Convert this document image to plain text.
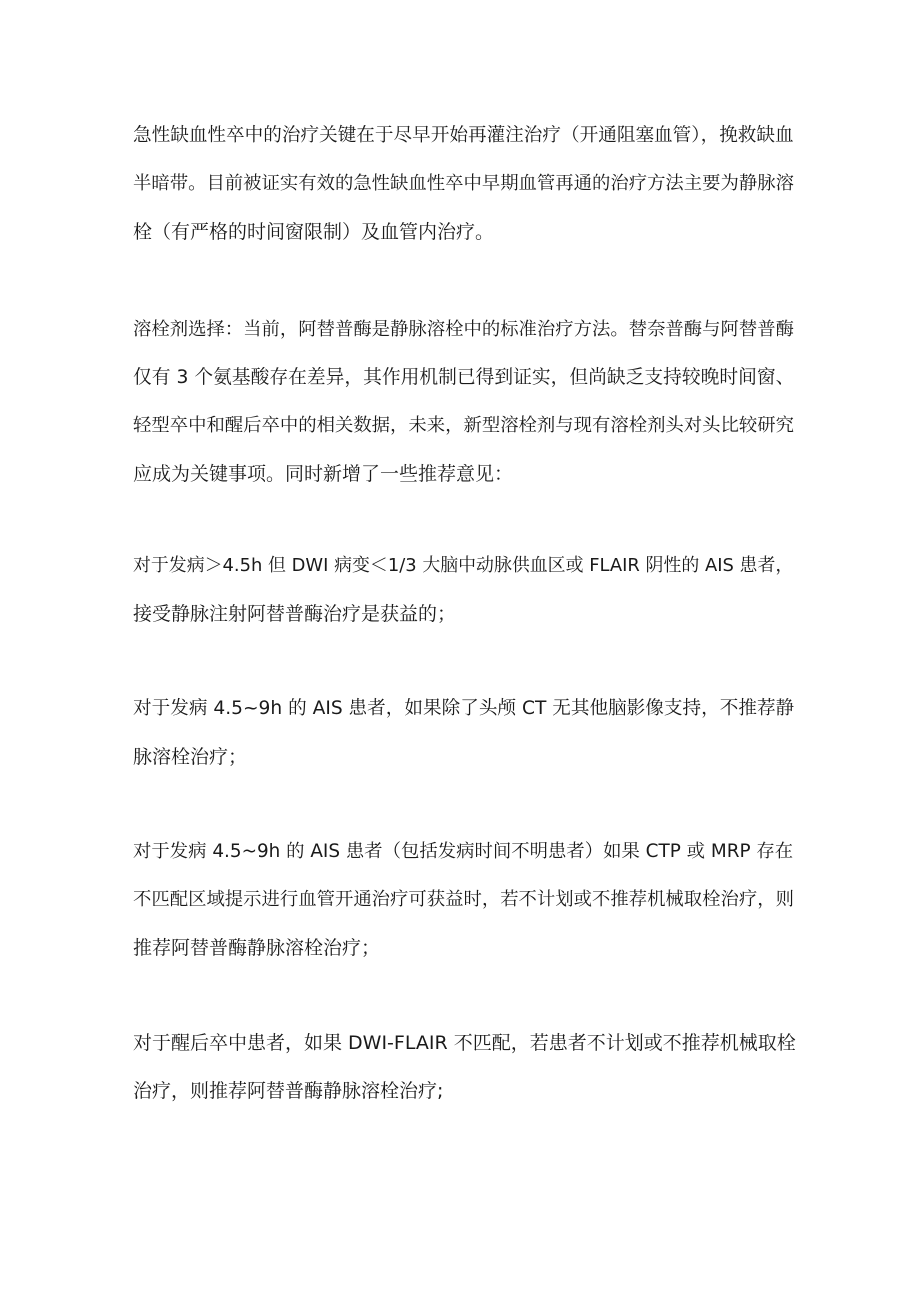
急性缺血性卒中的治疗关键在于尽早开始再灌注治疗（开通阻塞血管），挽救缺血
半暗带。目前被证实有效的急性缺血性卒中早期血管再通的治疗方法主要为静脉溶
栓（有严格的时间窗限制）及血管内治疗。
溶栓剂选择：当前，阿替普酶是静脉溶栓中的标准治疗方法。替奈普酶与阿替普酶
仅有 3 个氨基酸存在差异，其作用机制已得到证实，但尚缺乏支持较晚时间窗、
轻型卒中和醒后卒中的相关数据，未来，新型溶栓剂与现有溶栓剂头对头比较研究
应成为关键事项。同时新增了一些推荐意见：
对于发病＞4.5h 但 DWI 病变＜1/3 大脑中动脉供血区或 FLAIR 阴性的 AIS 患者，
接受静脉注射阿替普酶治疗是获益的；
对于发病 4.5~9h 的 AIS 患者，如果除了头颅 CT 无其他脑影像支持，不推荐静
脉溶栓治疗；
对于发病 4.5~9h 的 AIS 患者（包括发病时间不明患者）如果 CTP 或 MRP 存在
不匹配区域提示进行血管开通治疗可获益时，若不计划或不推荐机械取栓治疗，则
推荐阿替普酶静脉溶栓治疗；
对于醒后卒中患者，如果 DWI-FLAIR 不匹配，若患者不计划或不推荐机械取栓
治疗，则推荐阿替普酶静脉溶栓治疗;
